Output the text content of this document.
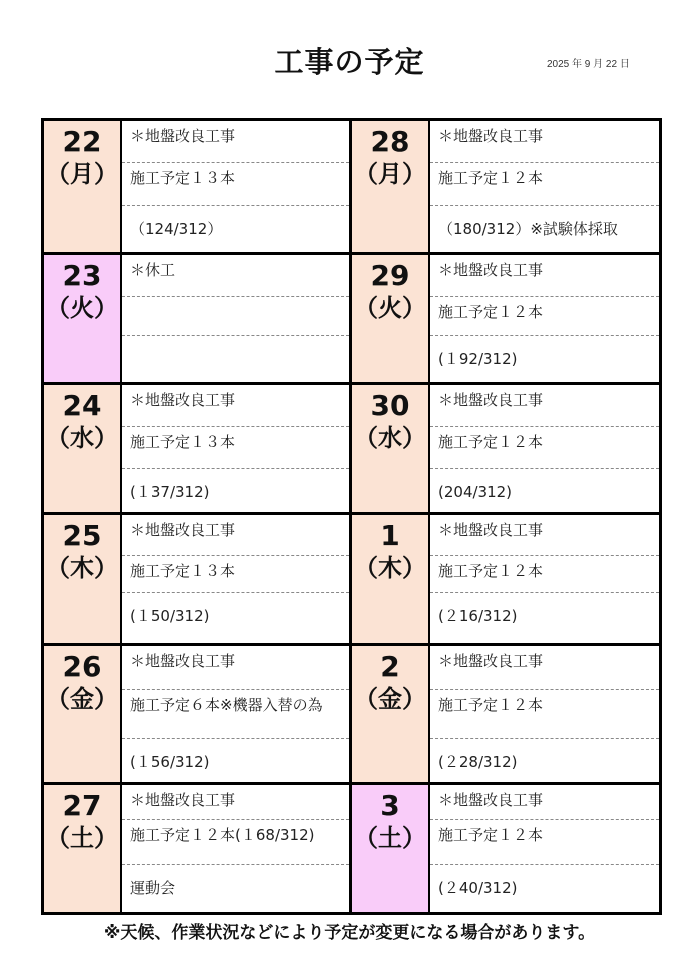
工事の予定	2025 年 9 月 22 日
22
（月）
＊地盤改良工事
施工予定１３本
（124/312）
28
（月）
＊地盤改良工事
施工予定１２本
（180/312）※試験体採取
23
（火）
＊休工	29
（火）
＊地盤改良工事
施工予定１２本
(１92/312)
24
（水）
＊地盤改良工事
施工予定１３本
(１37/312)
30
（水）
＊地盤改良工事
施工予定１２本
(204/312)
25
（木）
＊地盤改良工事
施工予定１３本
(１50/312)
1
（木）
＊地盤改良工事
施工予定１２本
(２16/312)
26
（金）
＊地盤改良工事
施工予定６本※機器入替の為
(１56/312)
2
（金）
＊地盤改良工事
施工予定１２本
(２28/312)
27
（土）
＊地盤改良工事
施工予定１２本(１68/312)
運動会
3
（土）
＊地盤改良工事
施工予定１２本
(２40/312)
※天候、作業状況などにより予定が変更になる場合があります。
